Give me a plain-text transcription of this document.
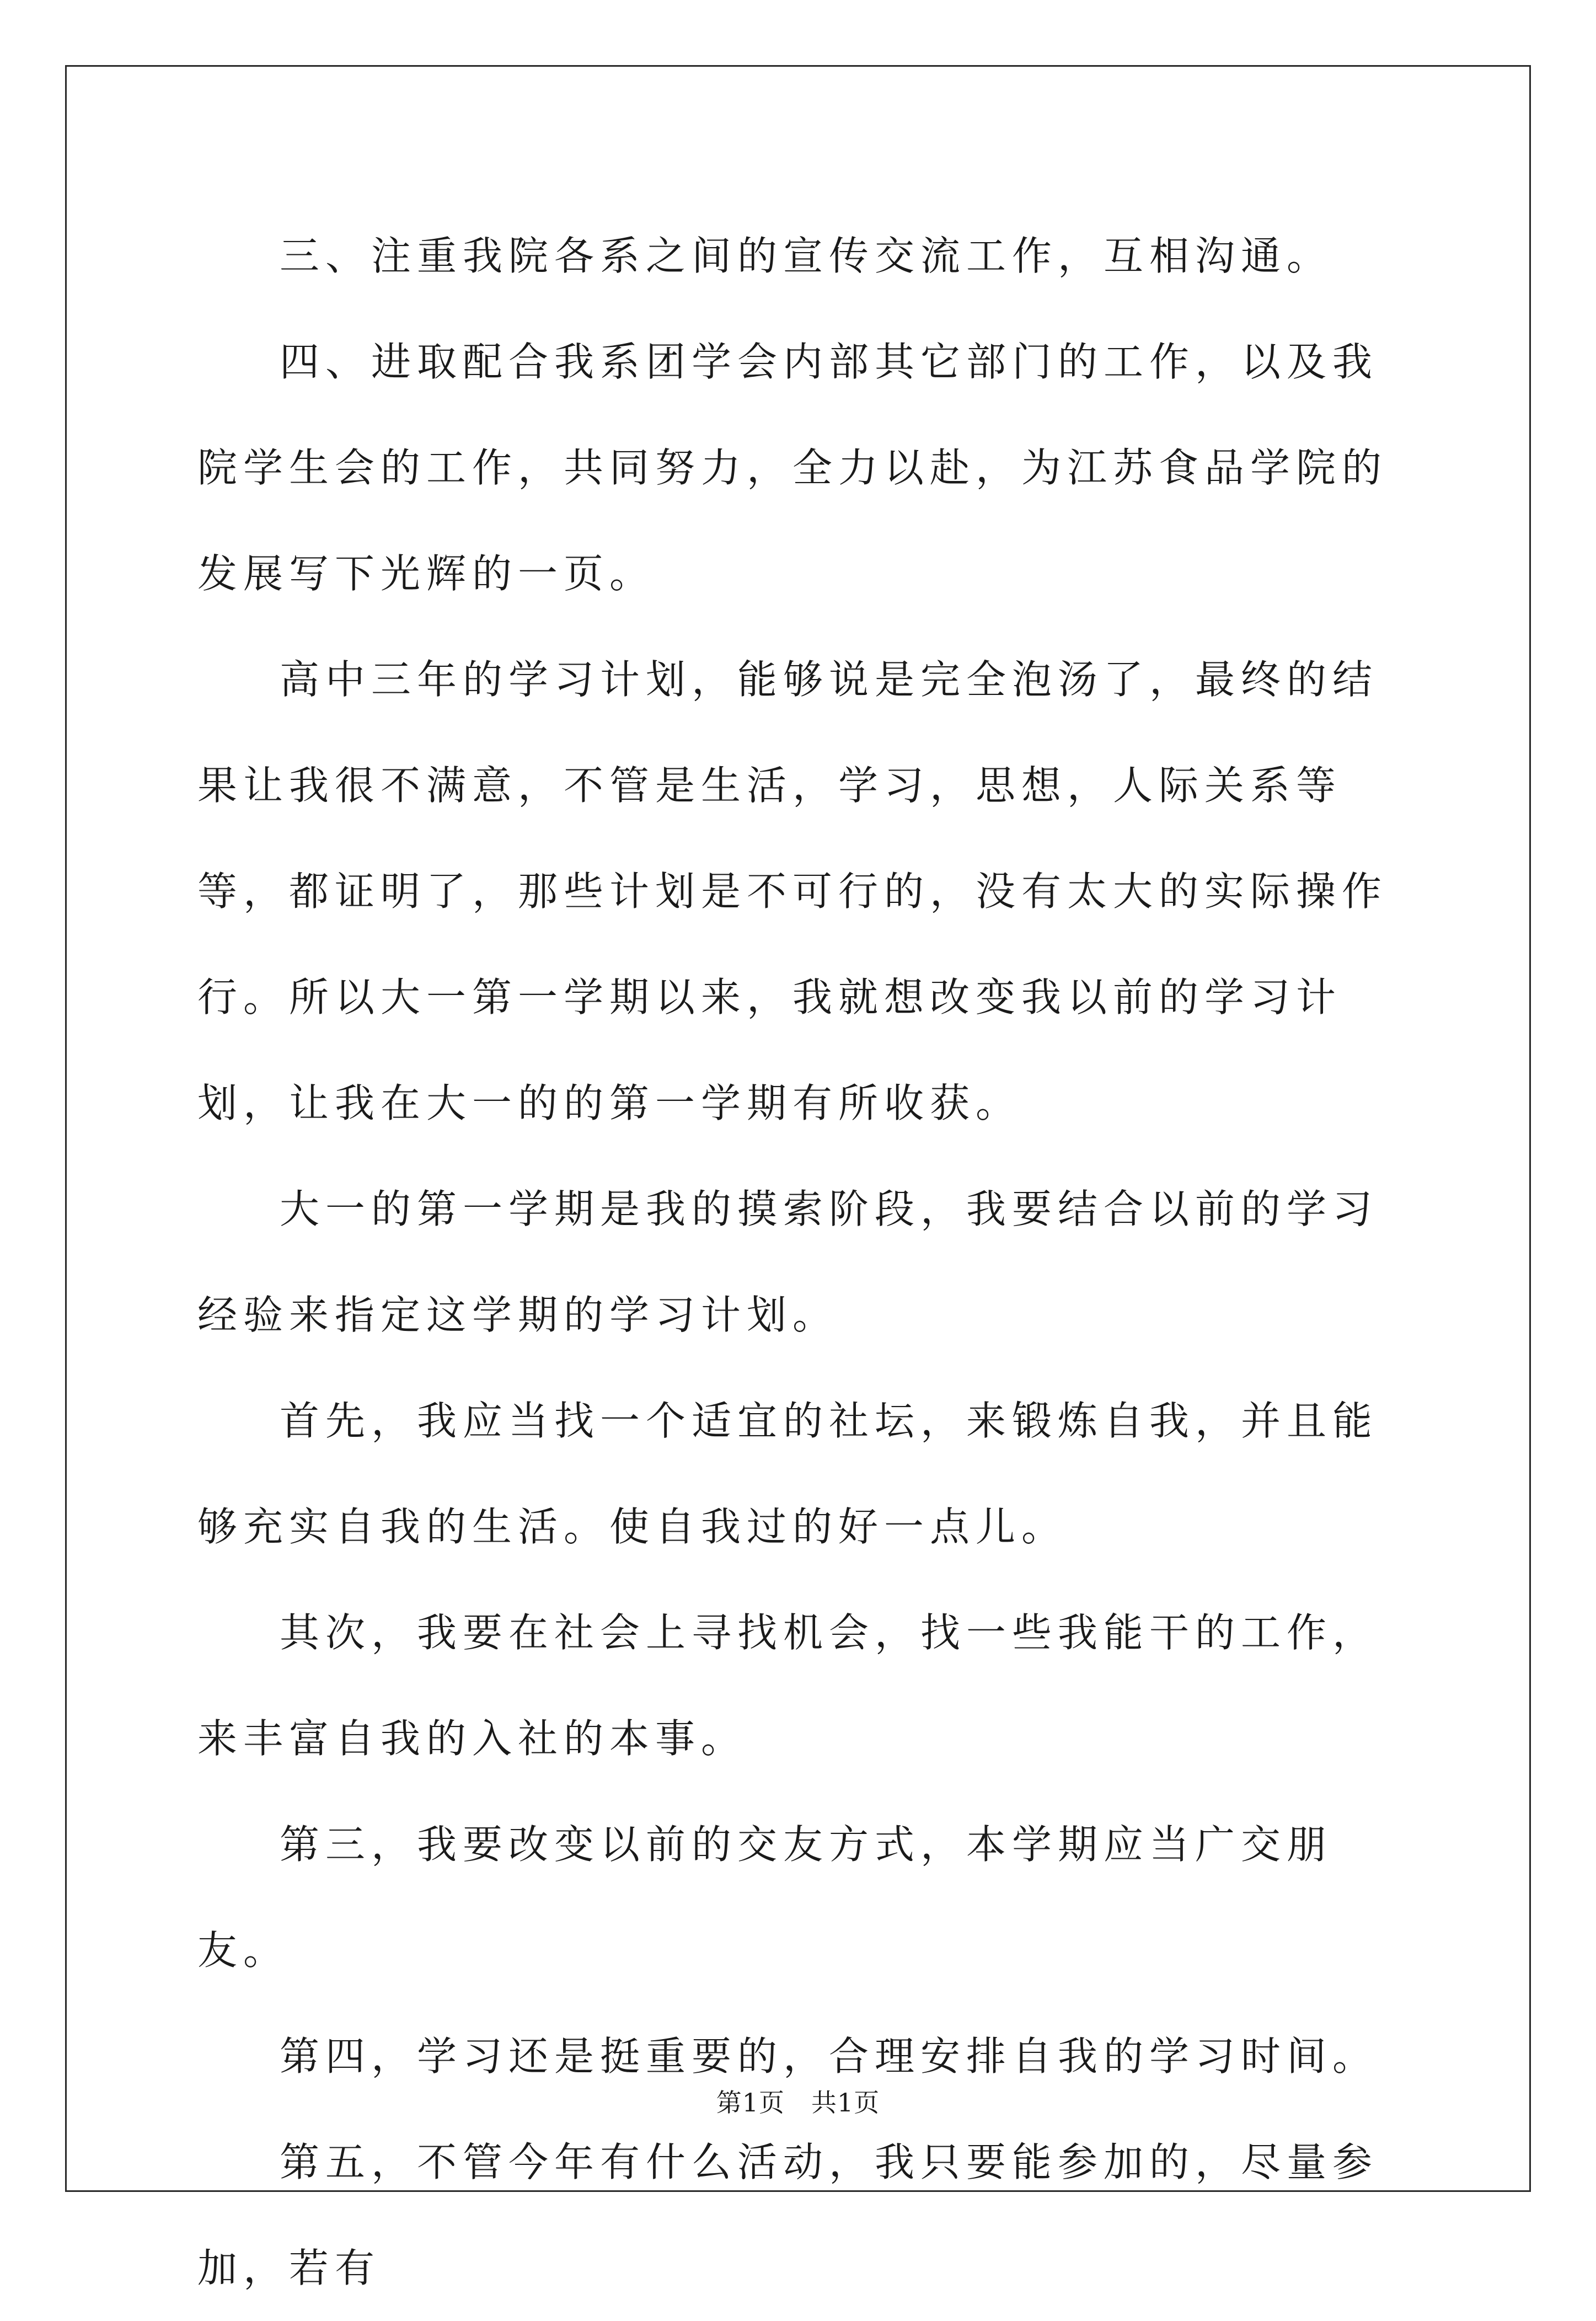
三、注重我院各系之间的宣传交流工作，互相沟通。

四、进取配合我系团学会内部其它部门的工作，以及我院学生会的工作，共同努力，全力以赴，为江苏食品学院的发展写下光辉的一页。

高中三年的学习计划，能够说是完全泡汤了，最终的结果让我很不满意，不管是生活，学习，思想，人际关系等等，都证明了，那些计划是不可行的，没有太大的实际操作行。所以大一第一学期以来，我就想改变我以前的学习计划，让我在大一的的第一学期有所收获。

大一的第一学期是我的摸索阶段，我要结合以前的学习经验来指定这学期的学习计划。

首先，我应当找一个适宜的社坛，来锻炼自我，并且能够充实自我的生活。使自我过的好一点儿。

其次，我要在社会上寻找机会，找一些我能干的工作，来丰富自我的入社的本事。

第三，我要改变以前的交友方式，本学期应当广交朋友。

第四，学习还是挺重要的，合理安排自我的学习时间。

第五，不管今年有什么活动，我只要能参加的，尽量参加，若有

第1页 共1页
